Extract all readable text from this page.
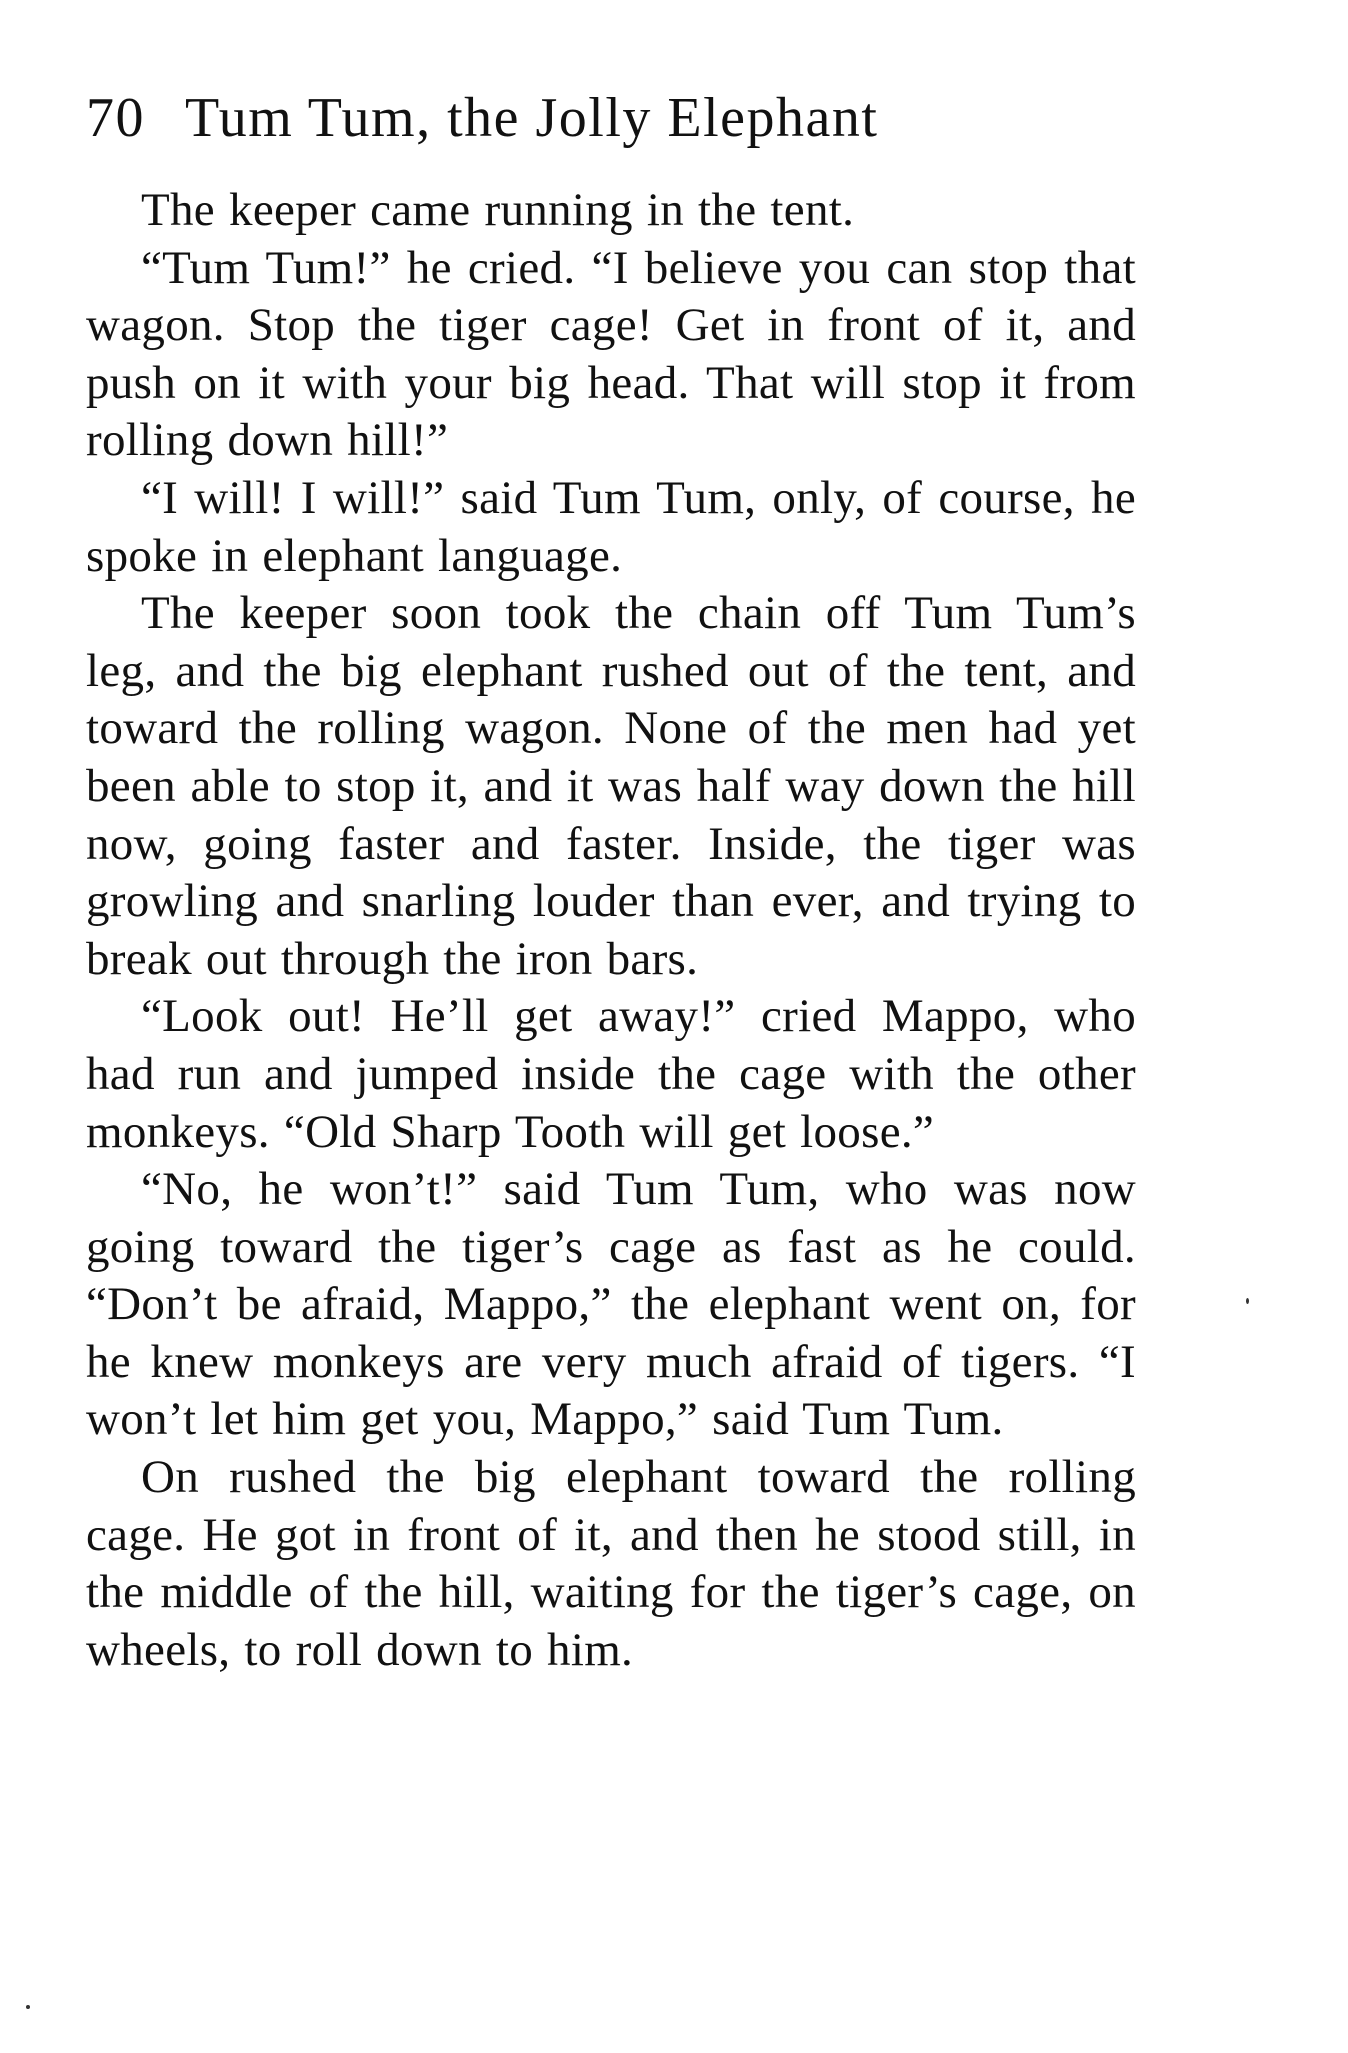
70 Tum Tum, the Jolly Elephant

The keeper came running in the tent.

“Tum Tum!” he cried. “I believe you can stop that wagon. Stop the tiger cage! Get in front of it, and push on it with your big head. That will stop it from rolling down hill!”

“I will! I will!” said Tum Tum, only, of course, he spoke in elephant language.

The keeper soon took the chain off Tum Tum’s leg, and the big elephant rushed out of the tent, and toward the rolling wagon. None of the men had yet been able to stop it, and it was half way down the hill now, going faster and faster. Inside, the tiger was growling and snarling louder than ever, and trying to break out through the iron bars.

“Look out! He’ll get away!” cried Mappo, who had run and jumped inside the cage with the other monkeys. “Old Sharp Tooth will get loose.”

“No, he won’t!” said Tum Tum, who was now going toward the tiger’s cage as fast as he could. “Don’t be afraid, Mappo,” the elephant went on, for he knew monkeys are very much afraid of tigers. “I won’t let him get you, Mappo,” said Tum Tum.

On rushed the big elephant toward the rolling cage. He got in front of it, and then he stood still, in the middle of the hill, waiting for the tiger’s cage, on wheels, to roll down to him.
